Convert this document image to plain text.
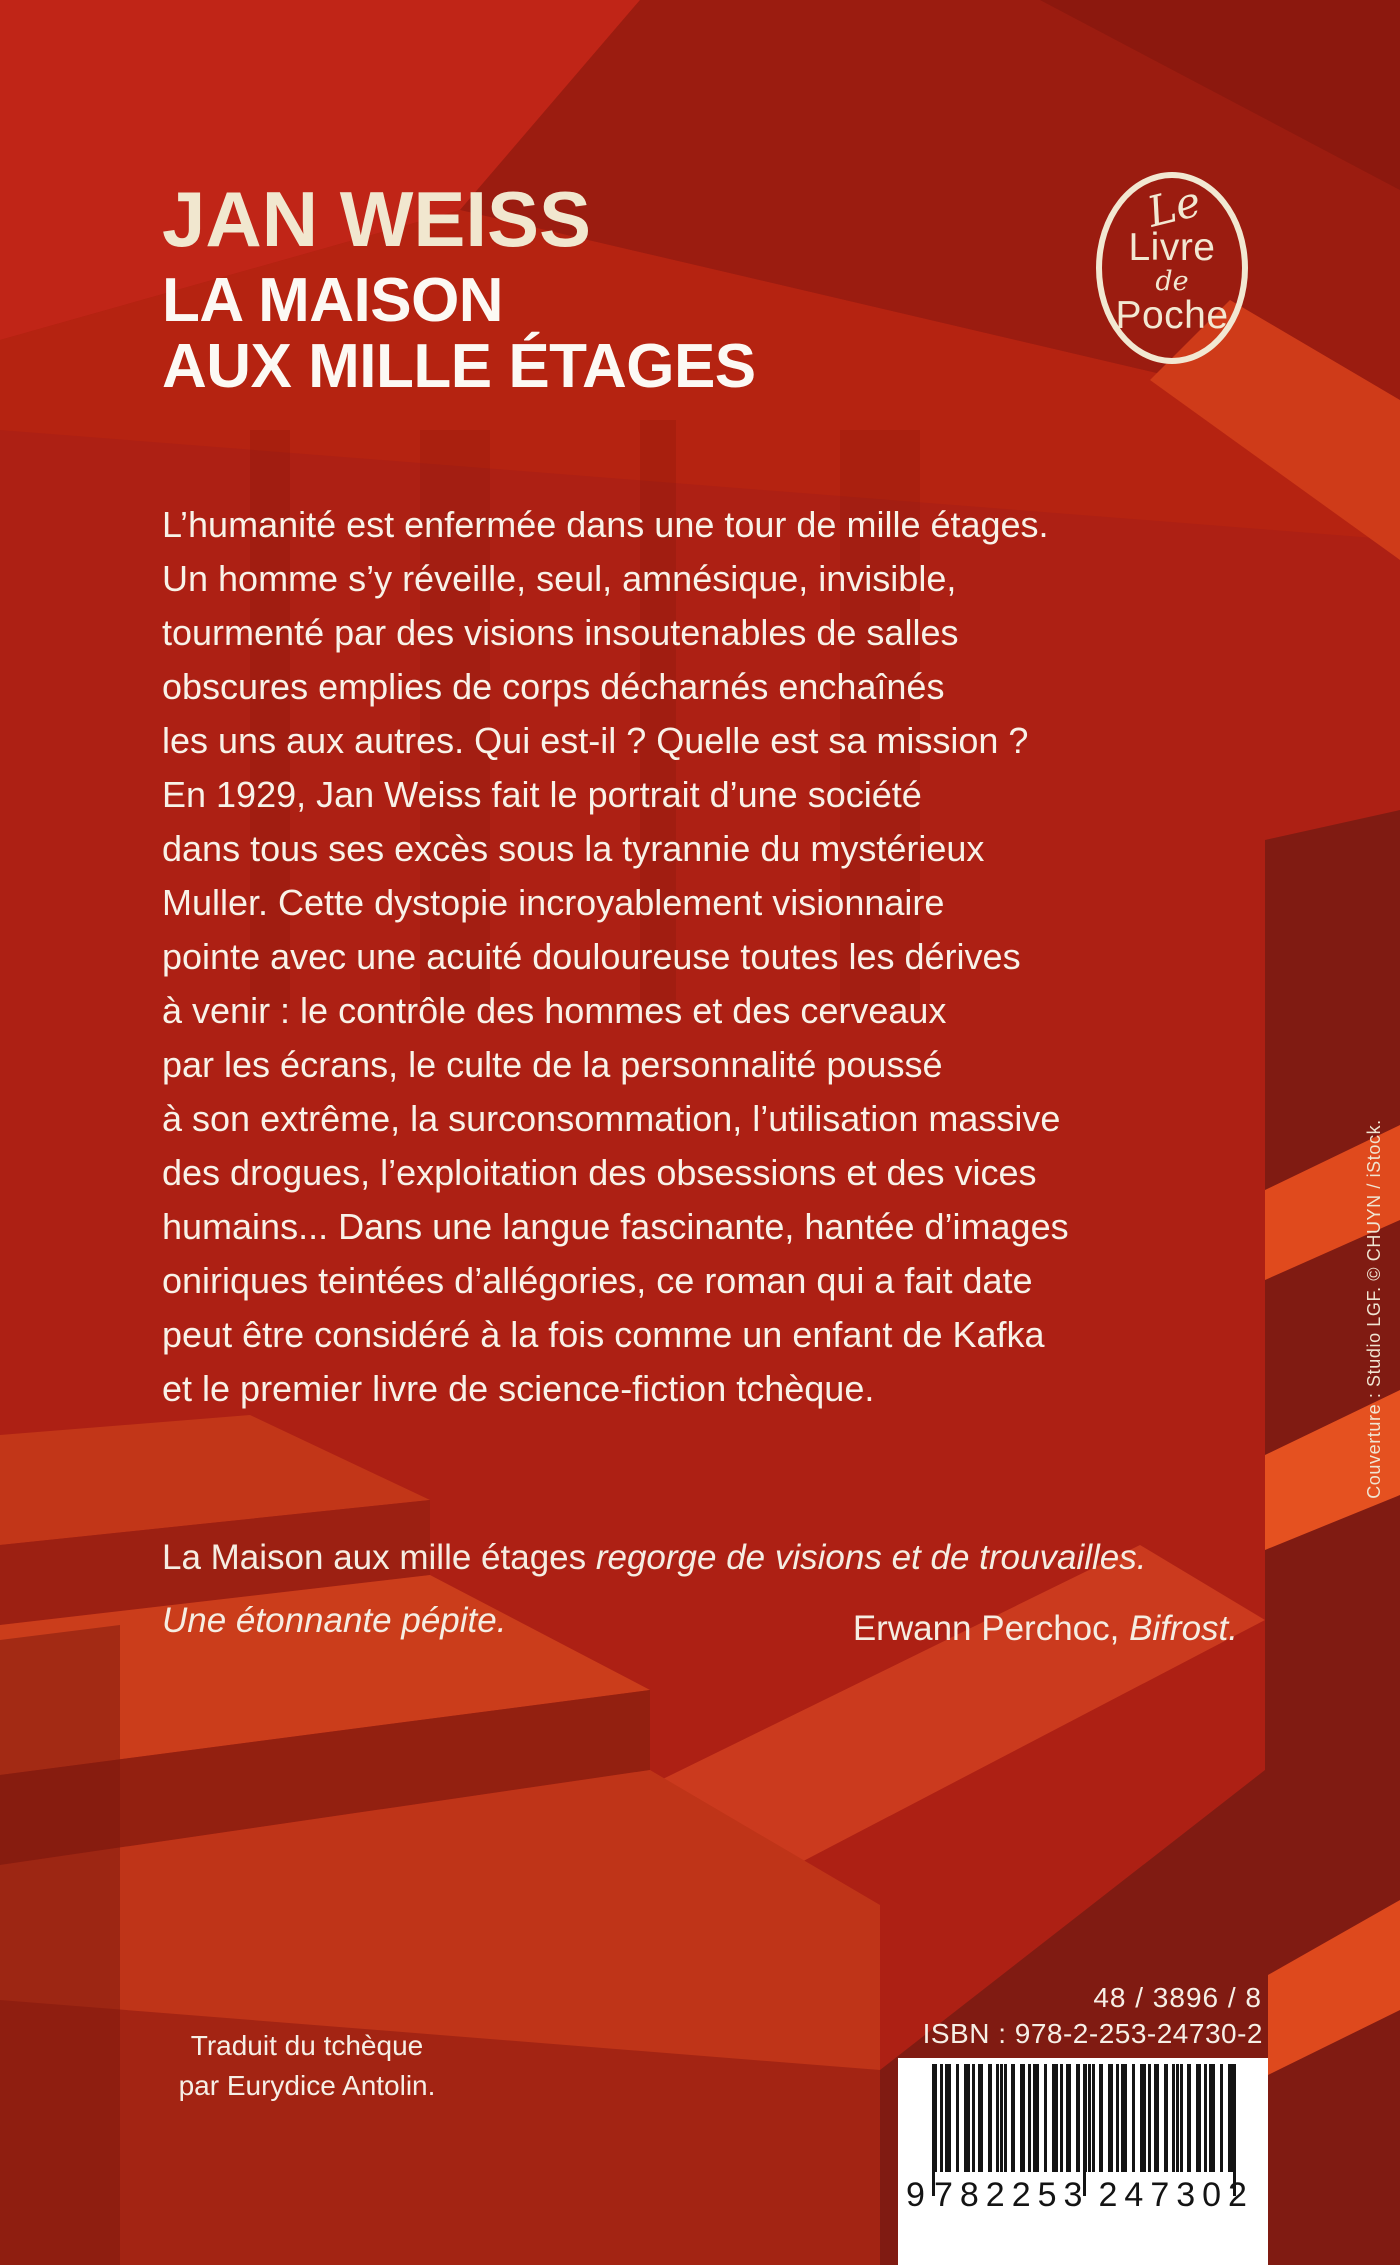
JAN WEISS
LA MAISON
AUX MILLE ÉTAGES
Le
Livre
de
Poche
L’humanité est enfermée dans une tour de mille étages.
Un homme s’y réveille, seul, amnésique, invisible,
tourmenté par des visions insoutenables de salles
obscures emplies de corps décharnés enchaînés
les uns aux autres. Qui est-il ? Quelle est sa mission ?
En 1929, Jan Weiss fait le portrait d’une société
dans tous ses excès sous la tyrannie du mystérieux
Muller. Cette dystopie incroyablement visionnaire
pointe avec une acuité douloureuse toutes les dérives
à venir : le contrôle des hommes et des cerveaux
par les écrans, le culte de la personnalité poussé
à son extrême, la surconsommation, l’utilisation massive
des drogues, l’exploitation des obsessions et des vices
humains... Dans une langue fascinante, hantée d’images
oniriques teintées d’allégories, ce roman qui a fait date
peut être considéré à la fois comme un enfant de Kafka
et le premier livre de science-fiction tchèque.
La Maison aux mille étages regorge de visions et de trouvailles.
Une étonnante pépite.	Erwann Perchoc, Bifrost.
Traduit du tchèque
par Eurydice Antolin.
48 / 3896 / 8
ISBN : 978-2-253-24730-2
9 782253 247302
Couverture : Studio LGF. © CHUYN / iStock.
